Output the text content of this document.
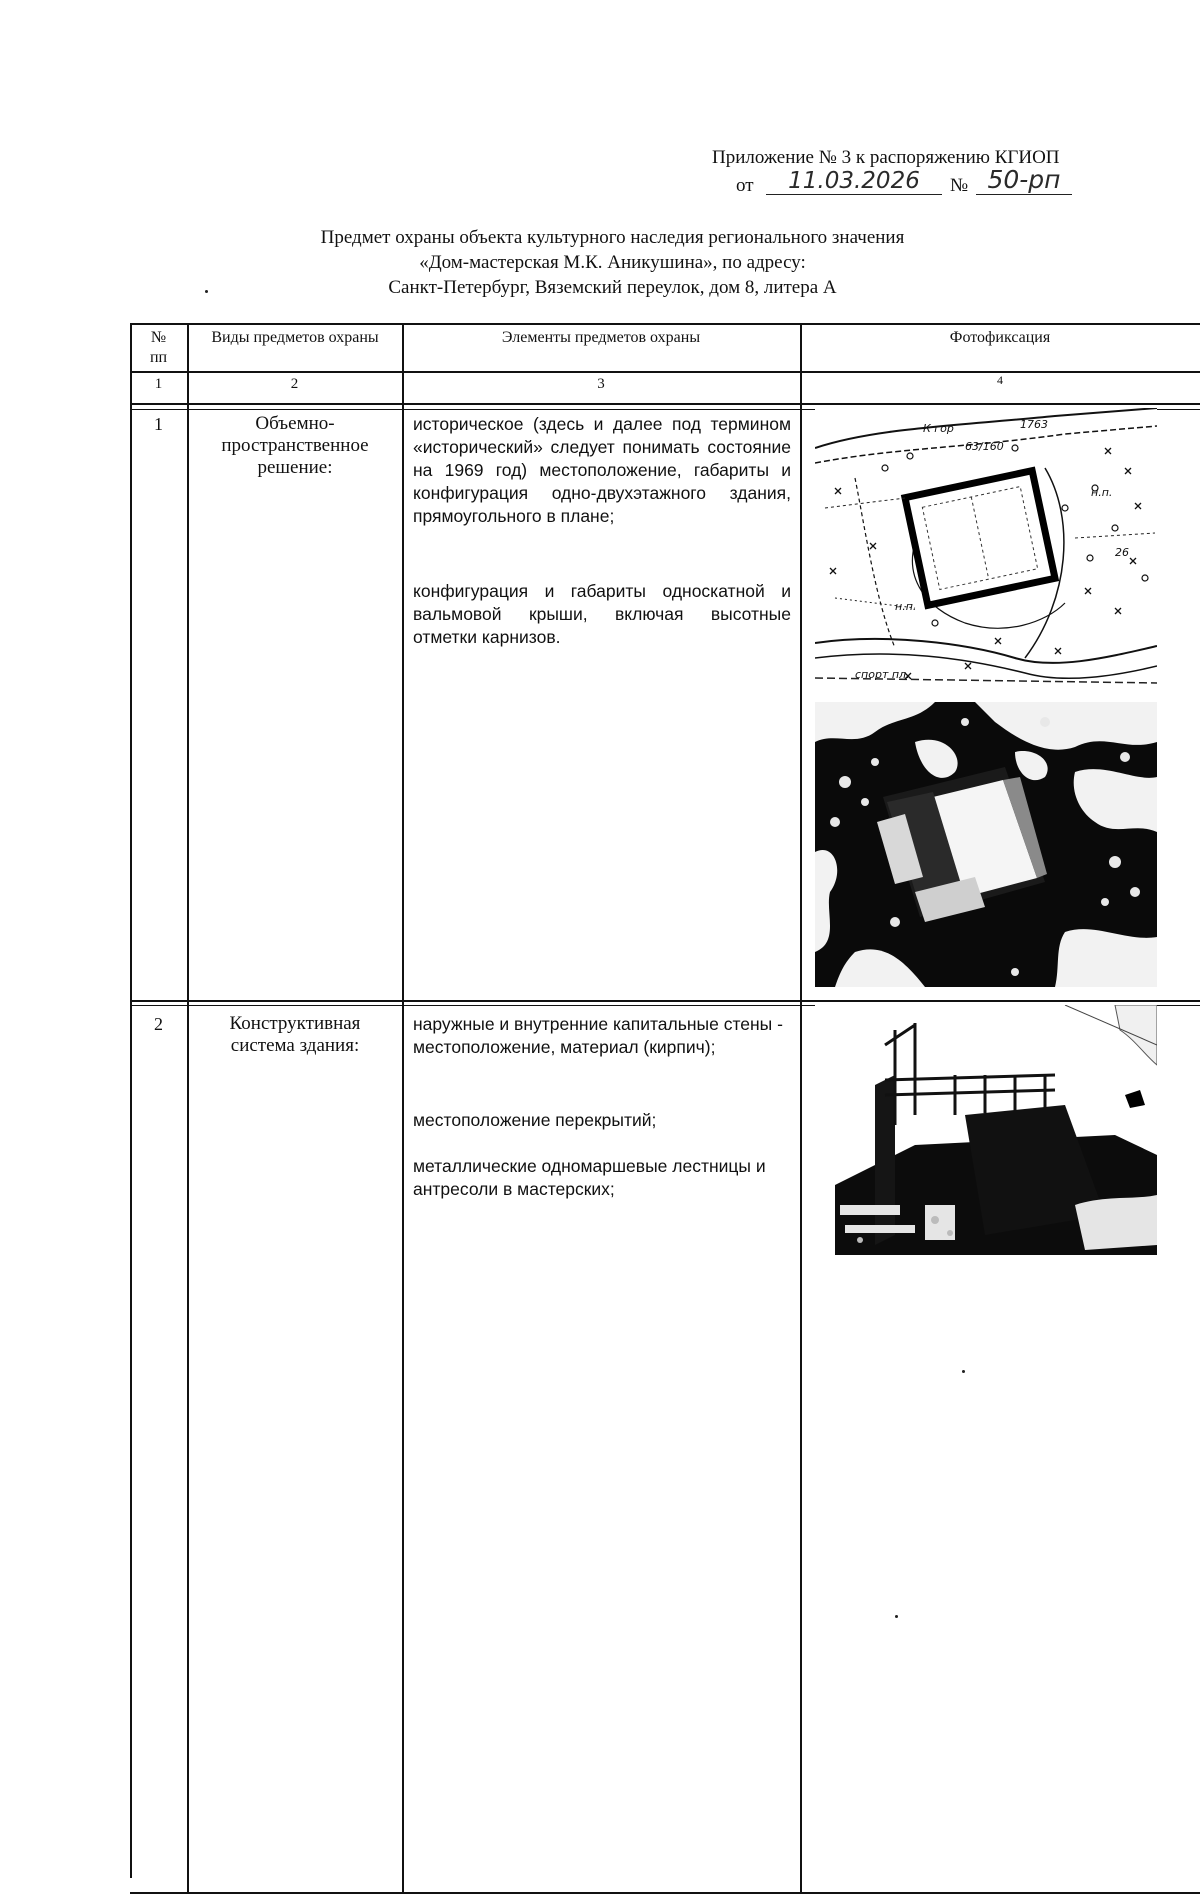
Приложение № 3 к распоряжению КГИОП
от	11.03.2026	№ 50-рп
Предмет охраны объекта культурного наследия регионального значения
«Дом-мастерская М.К. Аникушина», по адресу:
Санкт-Петербург, Вяземский переулок, дом 8, литера А
№
пп
Виды предметов охраны	Элементы предметов охраны	Фотофиксация
1	2	3	4
1	Объемно-пространственное решение:
историческое (здесь и далее под термином «исторический» следует понимать состояние на 1969 год) местоположение, габариты и конфигурация одно-двухэтажного здания, прямоугольного в плане;
конфигурация и габариты односкатной и вальмовой крыши, включая высотные отметки карнизов.
2	Конструктивная система здания:
наружные и внутренние капитальные стены - местоположение, материал (кирпич);
местоположение перекрытий;
металлические одномаршевые лестницы и антресоли в мастерских;
К гор	1763
63/160
н.п.
н.п.
26
спорт пл.
